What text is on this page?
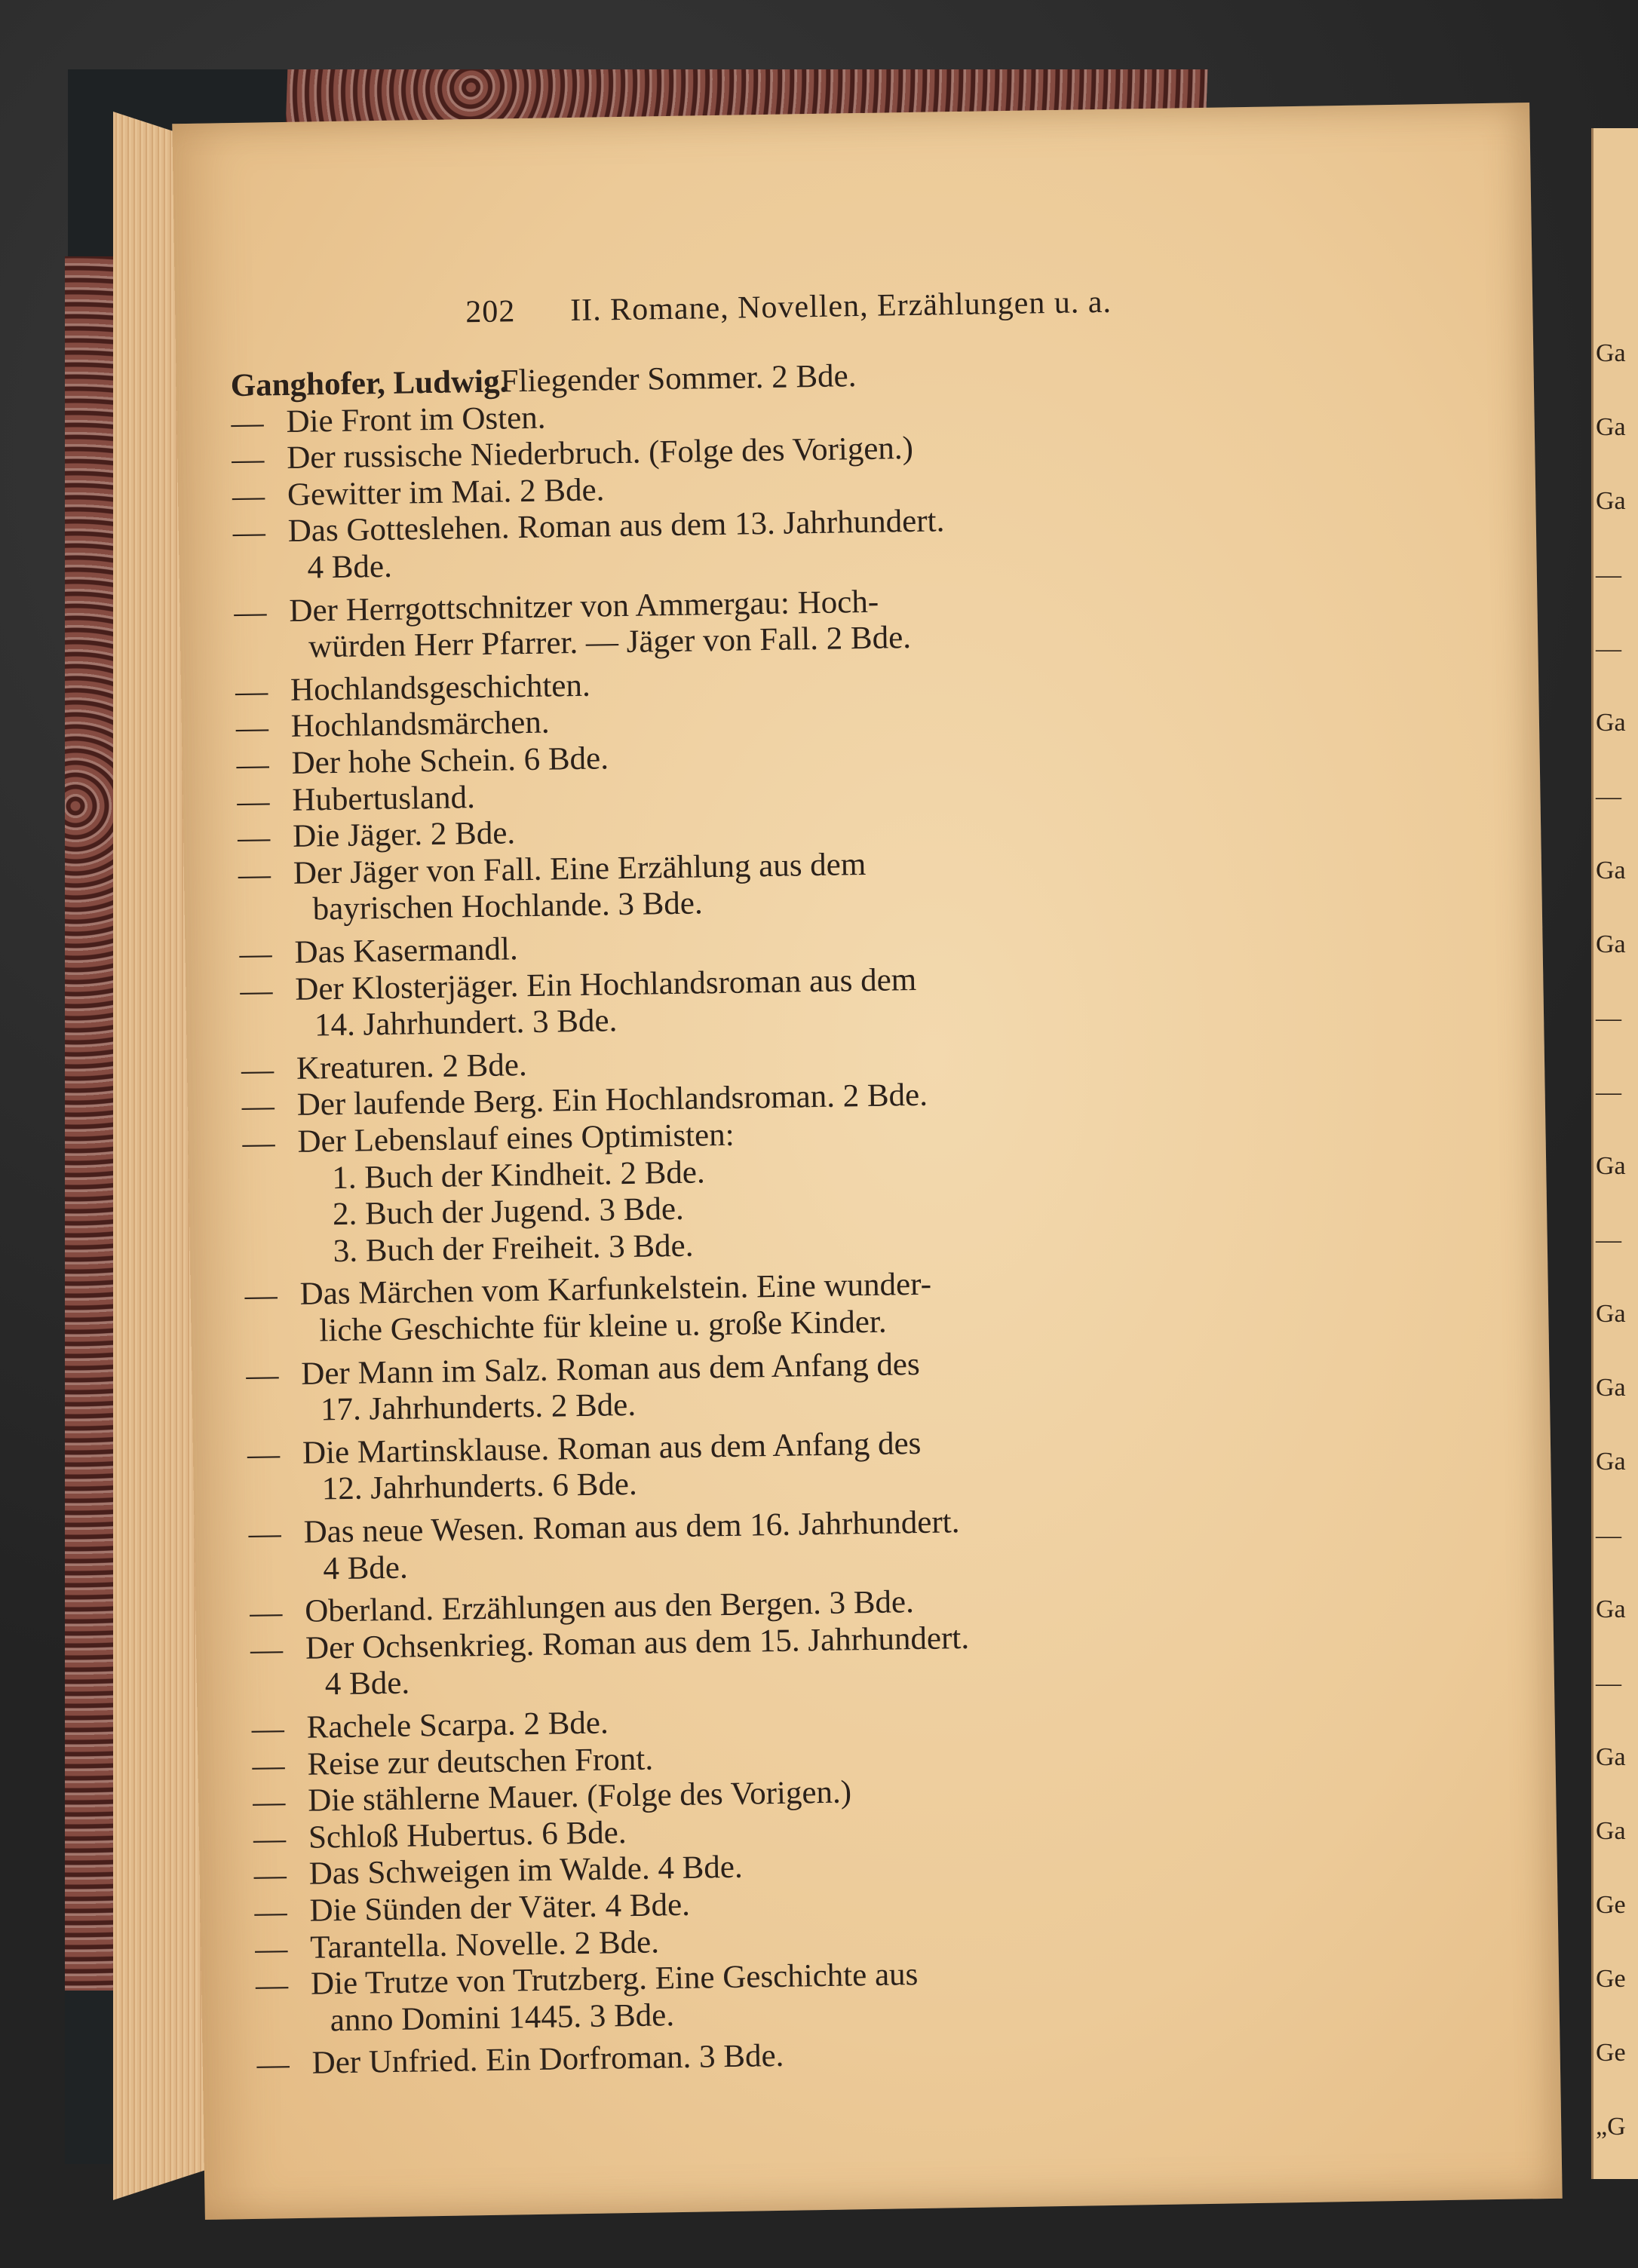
Ga
Ga
Ga
—
—
Ga
—
Ga
Ga
—
—
Ga
—
Ga
Ga
Ga
—
Ga
—
Ga
Ga
Ge
Ge
Ge
„G
202 II. Romane, Novellen, Erzählungen u. a.
Ganghofer, Ludwig.
Fliegender Sommer. 2 Bde.
— Die Front im Osten.
— Der russische Niederbruch. (Folge des Vorigen.)
— Gewitter im Mai. 2 Bde.
— Das Gotteslehen. Roman aus dem 13. Jahrhundert.
4 Bde.
— Der Herrgottschnitzer von Ammergau: Hoch-
würden Herr Pfarrer. — Jäger von Fall. 2 Bde.
— Hochlandsgeschichten.
— Hochlandsmärchen.
— Der hohe Schein. 6 Bde.
— Hubertusland.
— Die Jäger. 2 Bde.
— Der Jäger von Fall. Eine Erzählung aus dem
bayrischen Hochlande. 3 Bde.
— Das Kasermandl.
— Der Klosterjäger. Ein Hochlandsroman aus dem
14. Jahrhundert. 3 Bde.
— Kreaturen. 2 Bde.
— Der laufende Berg. Ein Hochlandsroman. 2 Bde.
— Der Lebenslauf eines Optimisten:
1. Buch der Kindheit. 2 Bde.
2. Buch der Jugend. 3 Bde.
3. Buch der Freiheit. 3 Bde.
— Das Märchen vom Karfunkelstein. Eine wunder-
liche Geschichte für kleine u. große Kinder.
— Der Mann im Salz. Roman aus dem Anfang des
17. Jahrhunderts. 2 Bde.
— Die Martinsklause. Roman aus dem Anfang des
12. Jahrhunderts. 6 Bde.
— Das neue Wesen. Roman aus dem 16. Jahrhundert.
4 Bde.
— Oberland. Erzählungen aus den Bergen. 3 Bde.
— Der Ochsenkrieg. Roman aus dem 15. Jahrhundert.
4 Bde.
— Rachele Scarpa. 2 Bde.
— Reise zur deutschen Front.
— Die stählerne Mauer. (Folge des Vorigen.)
— Schloß Hubertus. 6 Bde.
— Das Schweigen im Walde. 4 Bde.
— Die Sünden der Väter. 4 Bde.
— Tarantella. Novelle. 2 Bde.
— Die Trutze von Trutzberg. Eine Geschichte aus
anno Domini 1445. 3 Bde.
— Der Unfried. Ein Dorfroman. 3 Bde.
